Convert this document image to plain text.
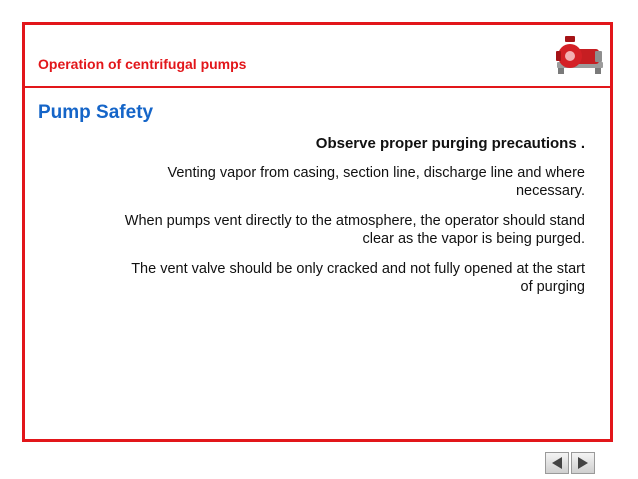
Operation of centrifugal pumps
Pump Safety

Observe proper purging precautions .

Venting vapor from casing, section line, discharge line and where necessary.

When pumps vent directly to the atmosphere, the operator should stand clear as the vapor is being purged.

The vent valve should be only cracked and not fully opened at the start of purging
